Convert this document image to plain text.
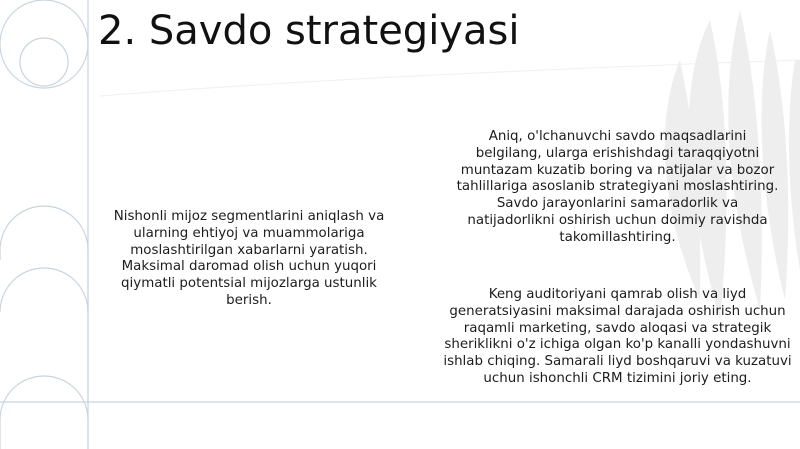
2. Savdo strategiyasi

Nishonli mijoz segmentlarini aniqlash va ularning ehtiyoj va muammolariga moslashtirilgan xabarlarni yaratish. Maksimal daromad olish uchun yuqori qiymatli potentsial mijozlarga ustunlik berish.

Aniq, o'lchanuvchi savdo maqsadlarini belgilang, ularga erishishdagi taraqqiyotni muntazam kuzatib boring va natijalar va bozor tahlillariga asoslanib strategiyani moslashtiring. Savdo jarayonlarini samaradorlik va natijadorlikni oshirish uchun doimiy ravishda takomillashtiring.

Keng auditoriyani qamrab olish va liyd generatsiyasini maksimal darajada oshirish uchun raqamli marketing, savdo aloqasi va strategik sheriklikni o'z ichiga olgan ko'p kanalli yondashuvni ishlab chiqing. Samarali liyd boshqaruvi va kuzatuvi uchun ishonchli CRM tizimini joriy eting.
